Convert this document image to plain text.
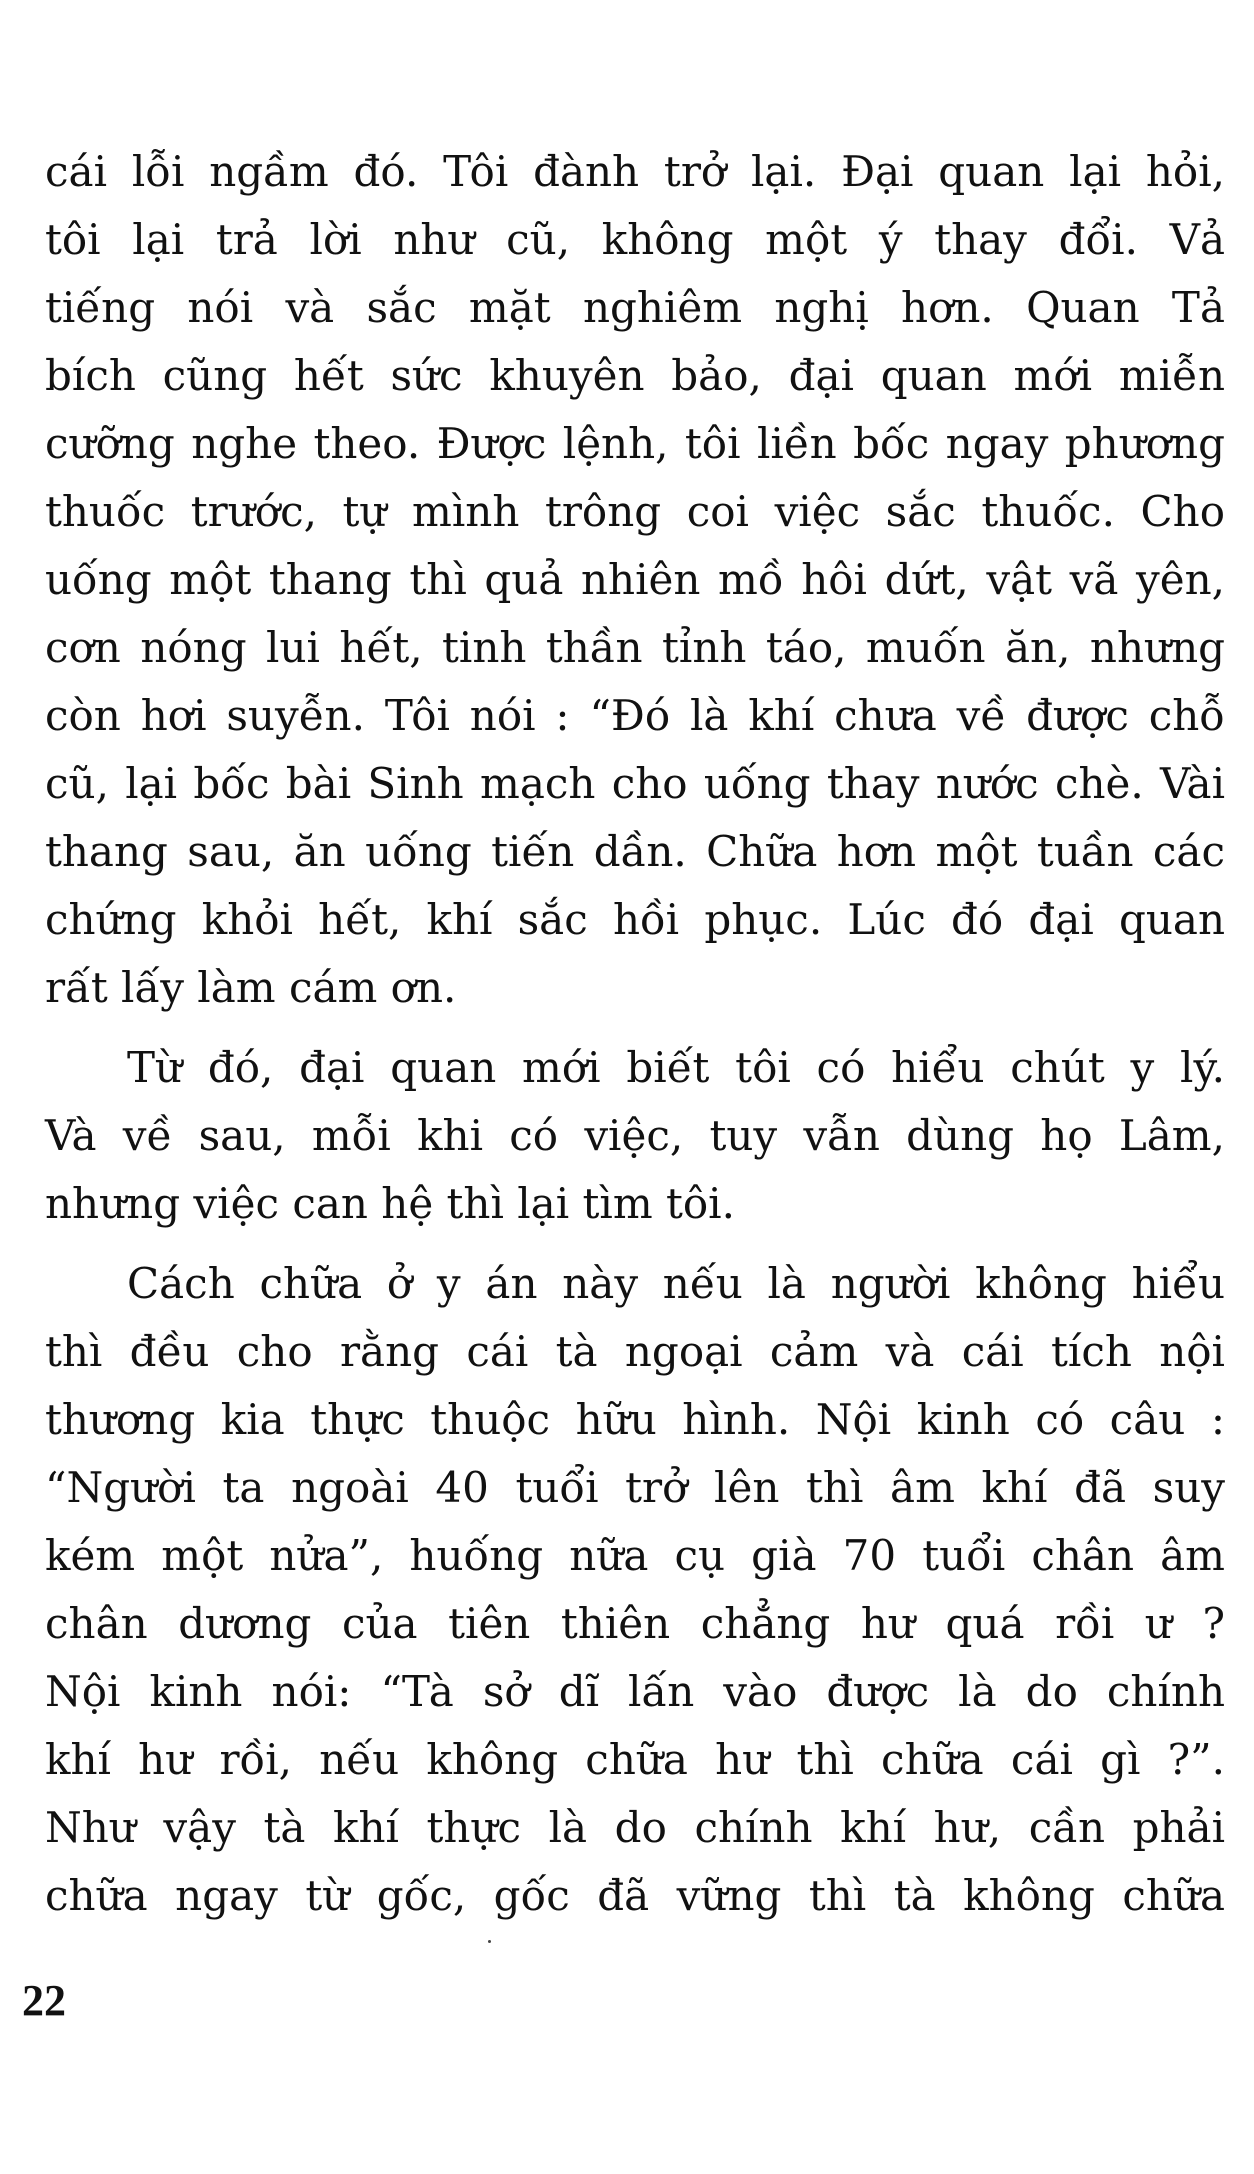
cái lỗi ngầm đó. Tôi đành trở lại. Đại quan lại hỏi,
tôi lại trả lời như cũ, không một ý thay đổi. Vả
tiếng nói và sắc mặt nghiêm nghị hơn. Quan Tả
bích cũng hết sức khuyên bảo, đại quan mới miễn
cưỡng nghe theo. Được lệnh, tôi liền bốc ngay phương
thuốc trước, tự mình trông coi việc sắc thuốc. Cho
uống một thang thì quả nhiên mồ hôi dứt, vật vã yên,
cơn nóng lui hết, tinh thần tỉnh táo, muốn ăn, nhưng
còn hơi suyễn. Tôi nói : “Đó là khí chưa về được chỗ
cũ, lại bốc bài Sinh mạch cho uống thay nước chè. Vài
thang sau, ăn uống tiến dần. Chữa hơn một tuần các
chứng khỏi hết, khí sắc hồi phục. Lúc đó đại quan
rất lấy làm cám ơn.
Từ đó, đại quan mới biết tôi có hiểu chút y lý.
Và về sau, mỗi khi có việc, tuy vẫn dùng họ Lâm,
nhưng việc can hệ thì lại tìm tôi.
Cách chữa ở y án này nếu là người không hiểu
thì đều cho rằng cái tà ngoại cảm và cái tích nội
thương kia thực thuộc hữu hình. Nội kinh có câu :
“Người ta ngoài 40 tuổi trở lên thì âm khí đã suy
kém một nửa”, huống nữa cụ già 70 tuổi chân âm
chân dương của tiên thiên chẳng hư quá rồi ư ?
Nội kinh nói: “Tà sở dĩ lấn vào được là do chính
khí hư rồi, nếu không chữa hư thì chữa cái gì ?”.
Như vậy tà khí thực là do chính khí hư, cần phải
chữa ngay từ gốc, gốc đã vững thì tà không chữa
22
